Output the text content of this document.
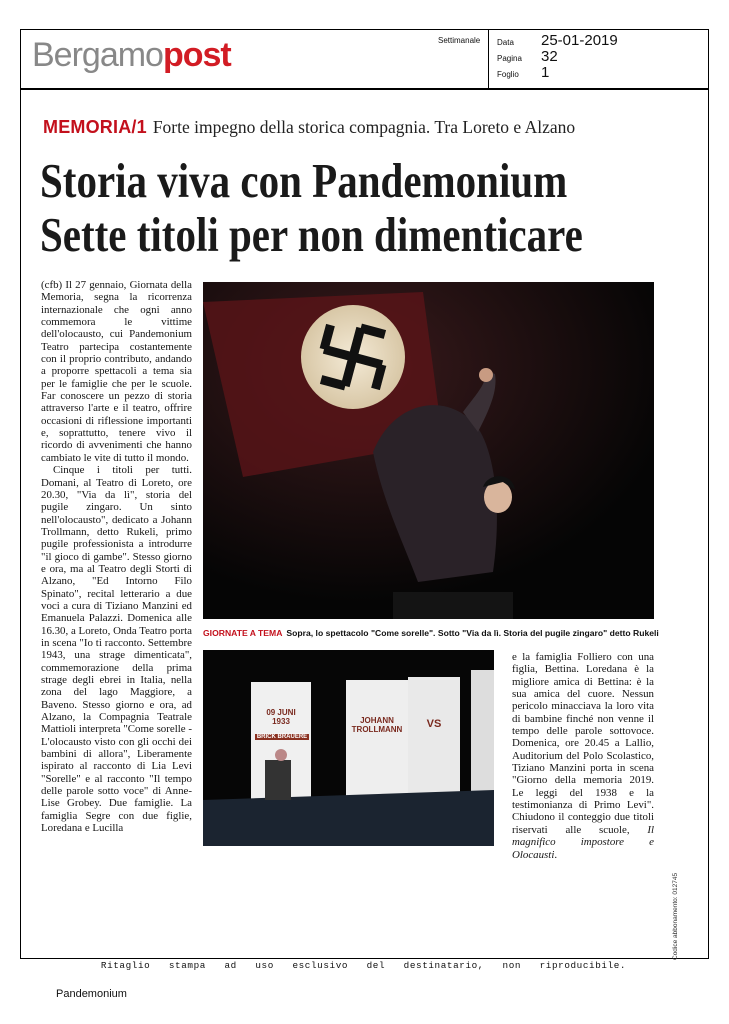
Bergamopost	Settimanale Data 25-01-2019
Pagina 32
Foglio 1
MEMORIA/1 Forte impegno della storica compagnia. Tra Loreto e Alzano
Storia viva con Pandemonium
Sette titoli per non dimenticare

(cfb) Il 27 gennaio, Giornata della Memoria, segna la ricorrenza internazionale che ogni anno commemora le vittime dell'olocausto, cui Pandemonium Teatro partecipa costantemente con il proprio contributo, andando a proporre spettacoli a tema sia per le famiglie che per le scuole. Far conoscere un pezzo di storia attraverso l'arte e il teatro, offrire occasioni di riflessione importanti e, soprattutto, tenere vivo il ricordo di avvenimenti che hanno cambiato le vite di tutto il mondo.

Cinque i titoli per tutti. Domani, al Teatro di Loreto, ore 20.30, "Via da lì", storia del pugile zingaro. Un sinto nell'olocausto", dedicato a Johann Trollmann, detto Rukeli, primo pugile professionista a introdurre "il gioco di gambe". Stesso giorno e ora, ma al Teatro degli Storti di Alzano, "Ed Intorno Filo Spinato", recital letterario a due voci a cura di Tiziano Manzini ed Emanuela Palazzi. Domenica alle 16.30, a Loreto, Onda Teatro porta in scena "Io ti racconto. Settembre 1943, una strage dimenticata", commemorazione della prima strage degli ebrei in Italia, nella zona del lago Maggiore, a Baveno. Stesso giorno e ora, ad Alzano, la Compagnia Teatrale Mattioli interpreta "Come sorelle - L'olocausto visto con gli occhi dei bambini di allora", Liberamente ispirato al racconto di Lia Levi "Sorelle" e al racconto "Il tempo delle parole sotto voce" di Anne-Lise Grobey. Due famiglie. La famiglia Segre con due figlie, Loredana e Lucilla

GIORNATE A TEMA Sopra, lo spettacolo "Come sorelle". Sotto "Via da lì. Storia del pugile zingaro" detto Rukeli
09 JUNI 1933
BRICK BRAUERE
JOHANN TROLLMANN	VS

e la famiglia Folliero con una figlia, Bettina. Loredana è la migliore amica di Bettina: è la sua amica del cuore. Nessun pericolo minacciava la loro vita di bambine finché non venne il tempo delle parole sottovoce. Domenica, ore 20.45 a Lallio, Auditorium del Polo Scolastico, Tiziano Manzini porta in scena "Giorno della memoria 2019. Le leggi del 1938 e la testimonianza di Primo Levi". Chiudono il conteggio due titoli riservati alle scuole, Il magnifico impostore e Olocausti.

Ritaglio   stampa   ad   uso   esclusivo   del   destinatario,   non   riproducibile.
Pandemonium
Codice abbonamento: 012745
